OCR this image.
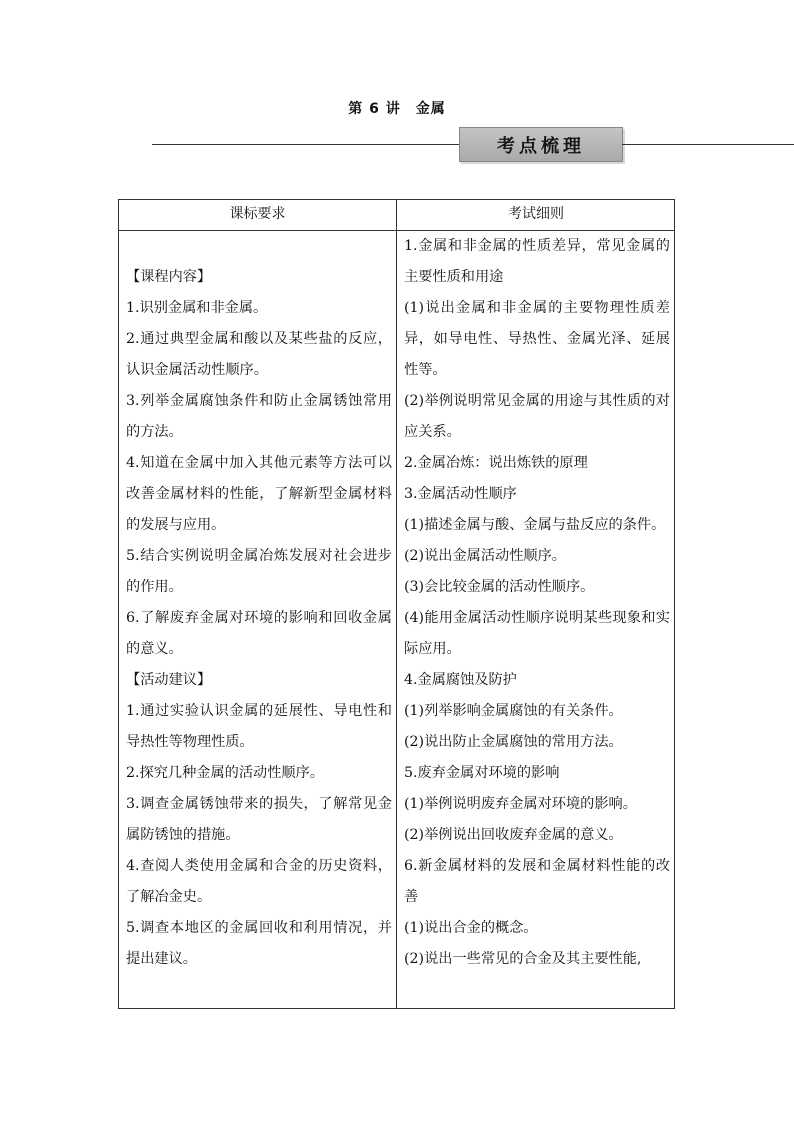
第 6 讲　金属
考点梳理
课标要求	考试细则

【课程内容】

1.识别金属和非金属。

2.通过典型金属和酸以及某些盐的反应，认识金属活动性顺序。

3.列举金属腐蚀条件和防止金属锈蚀常用的方法。

4.知道在金属中加入其他元素等方法可以改善金属材料的性能，了解新型金属材料的发展与应用。

5.结合实例说明金属冶炼发展对社会进步的作用。

6.了解废弃金属对环境的影响和回收金属的意义。

【活动建议】

1.通过实验认识金属的延展性、导电性和导热性等物理性质。

2.探究几种金属的活动性顺序。

3.调查金属锈蚀带来的损失，了解常见金属防锈蚀的措施。

4.查阅人类使用金属和合金的历史资料，了解冶金史。

5.调查本地区的金属回收和利用情况，并提出建议。

1.金属和非金属的性质差异，常见金属的主要性质和用途

(1)说出金属和非金属的主要物理性质差异，如导电性、导热性、金属光泽、延展性等。

(2)举例说明常见金属的用途与其性质的对应关系。

2.金属冶炼：说出炼铁的原理

3.金属活动性顺序

(1)描述金属与酸、金属与盐反应的条件。

(2)说出金属活动性顺序。

(3)会比较金属的活动性顺序。

(4)能用金属活动性顺序说明某些现象和实际应用。

4.金属腐蚀及防护

(1)列举影响金属腐蚀的有关条件。

(2)说出防止金属腐蚀的常用方法。

5.废弃金属对环境的影响

(1)举例说明废弃金属对环境的影响。

(2)举例说出回收废弃金属的意义。

6.新金属材料的发展和金属材料性能的改善

(1)说出合金的概念。

(2)说出一些常见的合金及其主要性能,
